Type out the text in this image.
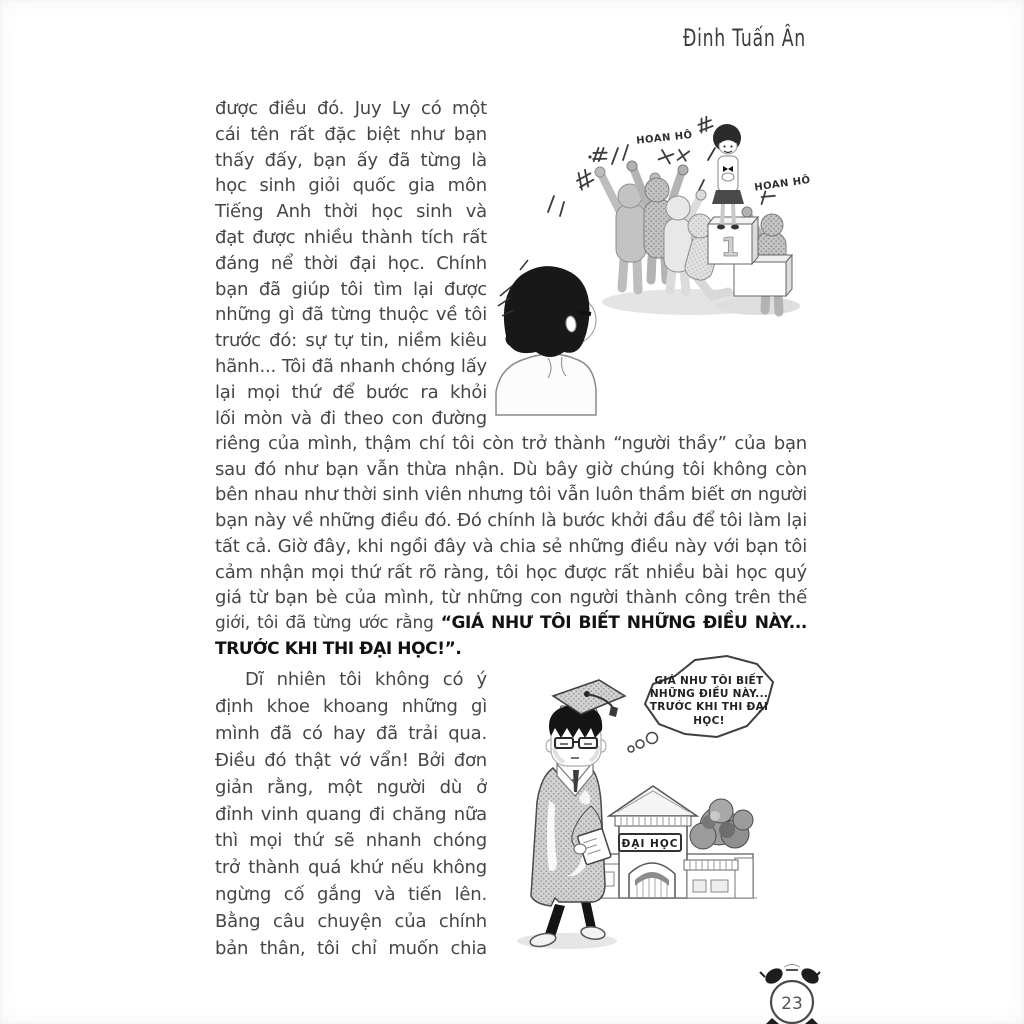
Đinh Tuấn Ân
được điều đó. Juy Ly có một
cái tên rất đặc biệt như bạn
thấy đấy, bạn ấy đã từng là
học sinh giỏi quốc gia môn
Tiếng Anh thời học sinh và
đạt được nhiều thành tích rất
đáng nể thời đại học. Chính
bạn đã giúp tôi tìm lại được
những gì đã từng thuộc về tôi
trước đó: sự tự tin, niềm kiêu
hãnh... Tôi đã nhanh chóng lấy
lại mọi thứ để bước ra khỏi
lối mòn và đi theo con đường
HOAN HÔ
HOAN HÔ
1
riêng của mình, thậm chí tôi còn trở thành “người thầy” của bạn
sau đó như bạn vẫn thừa nhận. Dù bây giờ chúng tôi không còn
bên nhau như thời sinh viên nhưng tôi vẫn luôn thầm biết ơn người
bạn này về những điều đó. Đó chính là bước khởi đầu để tôi làm lại
tất cả. Giờ đây, khi ngồi đây và chia sẻ những điều này với bạn tôi
cảm nhận mọi thứ rất rõ ràng, tôi học được rất nhiều bài học quý
giá từ bạn bè của mình, từ những con người thành công trên thế
giới, tôi đã từng ước rằng “GIÁ NHƯ TÔI BIẾT NHỮNG ĐIỀU NÀY...
TRƯỚC KHI THI ĐẠI HỌC!”.
Dĩ nhiên tôi không có ý
định khoe khoang những gì
mình đã có hay đã trải qua.
Điều đó thật vớ vẩn! Bởi đơn
giản rằng, một người dù ở
đỉnh vinh quang đi chăng nữa
thì mọi thứ sẽ nhanh chóng
trở thành quá khứ nếu không
ngừng cố gắng và tiến lên.
Bằng câu chuyện của chính
bản thân, tôi chỉ muốn chia
ĐẠI HỌC
GIÁ NHƯ TÔI BIẾT
NHỮNG ĐIỀU NÀY...
TRƯỚC KHI THI ĐẠI
HỌC!
23
